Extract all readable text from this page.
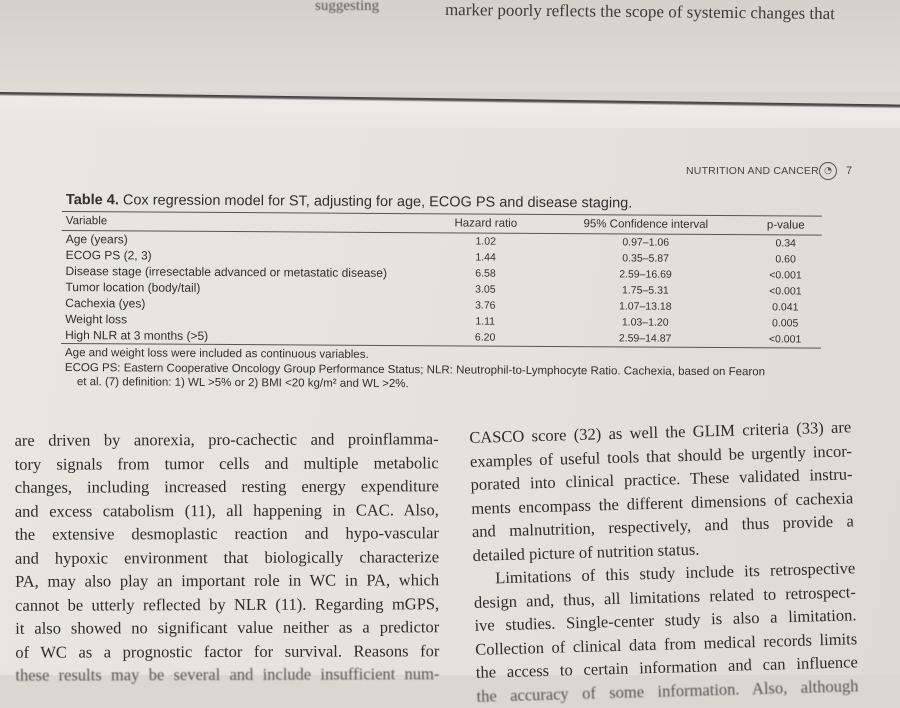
suggesting	marker poorly reflects the scope of systemic changes that
NUTRITION AND CANCER ◔	7
Table 4. Cox regression model for ST, adjusting for age, ECOG PS and disease staging.
Variable	Hazard ratio	95% Confidence interval	p-value
Age (years)	1.02	0.97–1.06	0.34
ECOG PS (2, 3)	1.44	0.35–5.87	0.60
Disease stage (irresectable advanced or metastatic disease)	6.58	2.59–16.69	<0.001
Tumor location (body/tail)	3.05	1.75–5.31	<0.001
Cachexia (yes)	3.76	1.07–13.18	0.041
Weight loss	1.11	1.03–1.20	0.005
High NLR at 3 months (>5)	6.20	2.59–14.87	<0.001
Age and weight loss were included as continuous variables.
ECOG PS: Eastern Cooperative Oncology Group Performance Status; NLR: Neutrophil-to-Lymphocyte Ratio. Cachexia, based on Fearon
et al. (7) definition: 1) WL >5% or 2) BMI <20 kg/m² and WL >2%.
are driven by anorexia, pro-cachectic and proinflamma-
tory signals from tumor cells and multiple metabolic
changes, including increased resting energy expenditure
and excess catabolism (11), all happening in CAC. Also,
the extensive desmoplastic reaction and hypo-vascular
and hypoxic environment that biologically characterize
PA, may also play an important role in WC in PA, which
cannot be utterly reflected by NLR (11). Regarding mGPS,
it also showed no significant value neither as a predictor
of WC as a prognostic factor for survival. Reasons for
these results may be several and include insufficient num-
CASCO score (32) as well the GLIM criteria (33) are
examples of useful tools that should be urgently incor-
porated into clinical practice. These validated instru-
ments encompass the different dimensions of cachexia
and malnutrition, respectively, and thus provide a
detailed picture of nutrition status.
Limitations of this study include its retrospective
design and, thus, all limitations related to retrospect-
ive studies. Single-center study is also a limitation.
Collection of clinical data from medical records limits
the access to certain information and can influence
the accuracy of some information. Also, although
